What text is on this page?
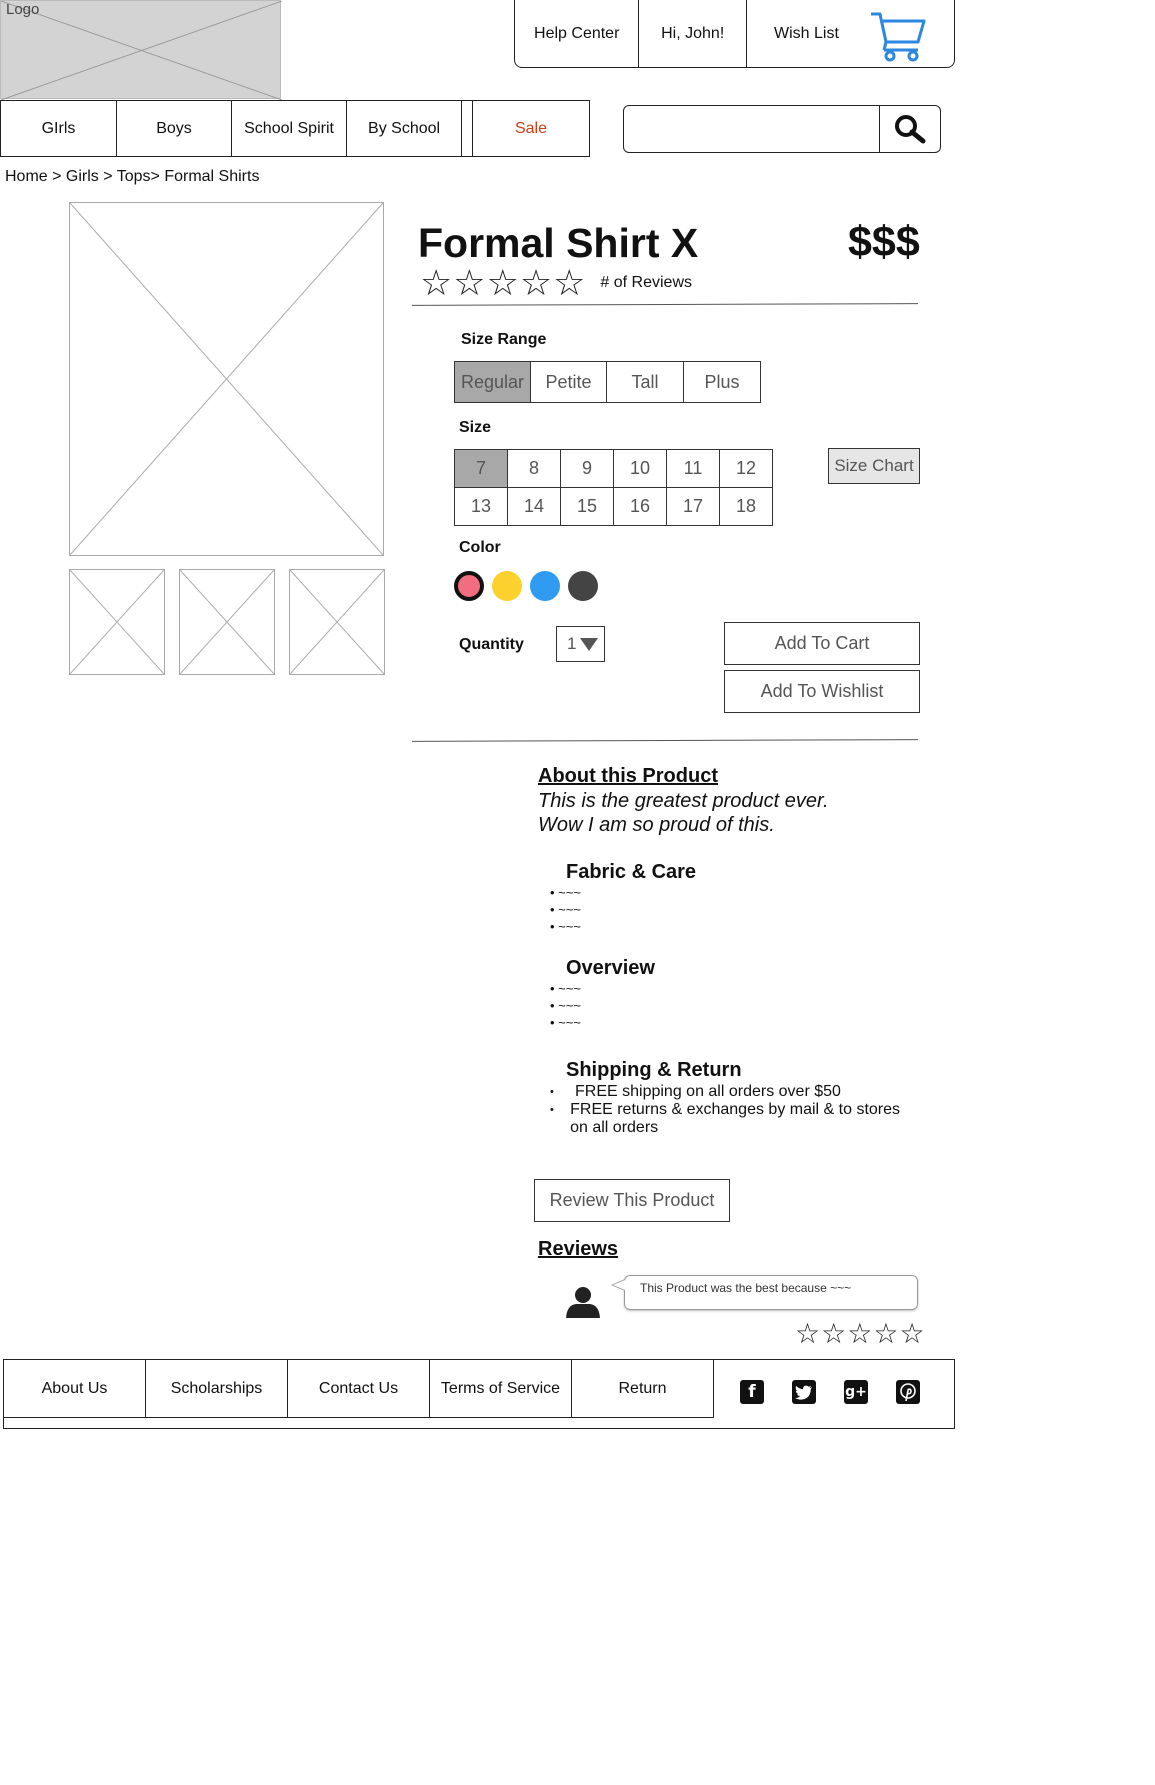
Logo
Help Center	Hi, John!	Wish List
GIrls	Boys	School Spirit	By School	Sale
Home > Girls > Tops> Formal Shirts
Formal Shirt X	$$$
☆ ☆ ☆ ☆ ☆ # of Reviews
Size Range
Regular	Petite	Tall	Plus
Size
7	8	9	10	11	12
13	14	15	16	17	18
Size Chart
Color
Quantity	1	Add To Cart
Add To Wishlist
About this Product
This is the greatest product ever.
Wow I am so proud of this.
Fabric & Care
• ~~~
• ~~~
• ~~~
Overview
• ~~~
• ~~~
• ~~~
Shipping & Return
•	FREE shipping on all orders over $50
•	FREE returns & exchanges by mail & to stores on all orders
Review This Product
Reviews
This Product was the best because ~~~
☆ ☆ ☆ ☆ ☆
About Us	Scholarships	Contact Us	Terms of Service	Return	f	g+
